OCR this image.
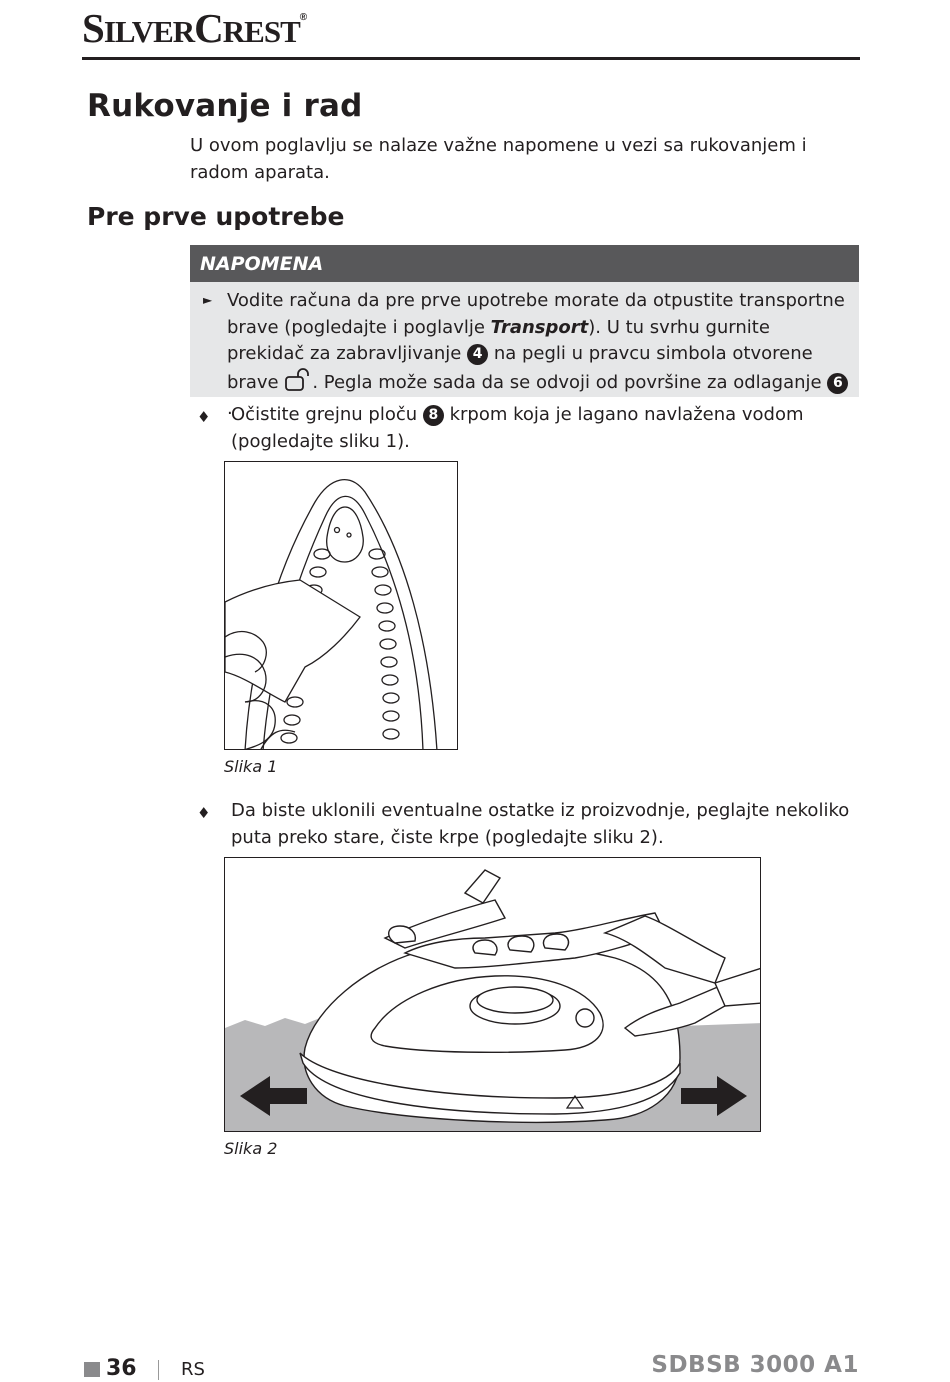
SILVERCREST®
Rukovanje i rad
U ovom poglavlju se nalaze važne napomene u vezi sa rukovanjem i radom aparata.
Pre prve upotrebe
NAPOMENA
► Vodite računa da pre prve upotrebe morate da otpustite transportne brave (pogledajte i poglavlje Transport). U tu svrhu gurnite prekidač za zabravljivanje 4 na pegli u pravcu simbola otvorene brave . Pegla može sada da se odvoji od površine za odlaganje 6.
♦ Očistite grejnu ploču 8 krpom koja je lagano navlažena vodom (pogledajte sliku 1).
Slika 1
♦ Da biste uklonili eventualne ostatke iz proizvodnje, peglajte nekoliko puta preko stare, čiste krpe (pogledajte sliku 2).
Slika 2
36 RS	SDBSB 3000 A1
